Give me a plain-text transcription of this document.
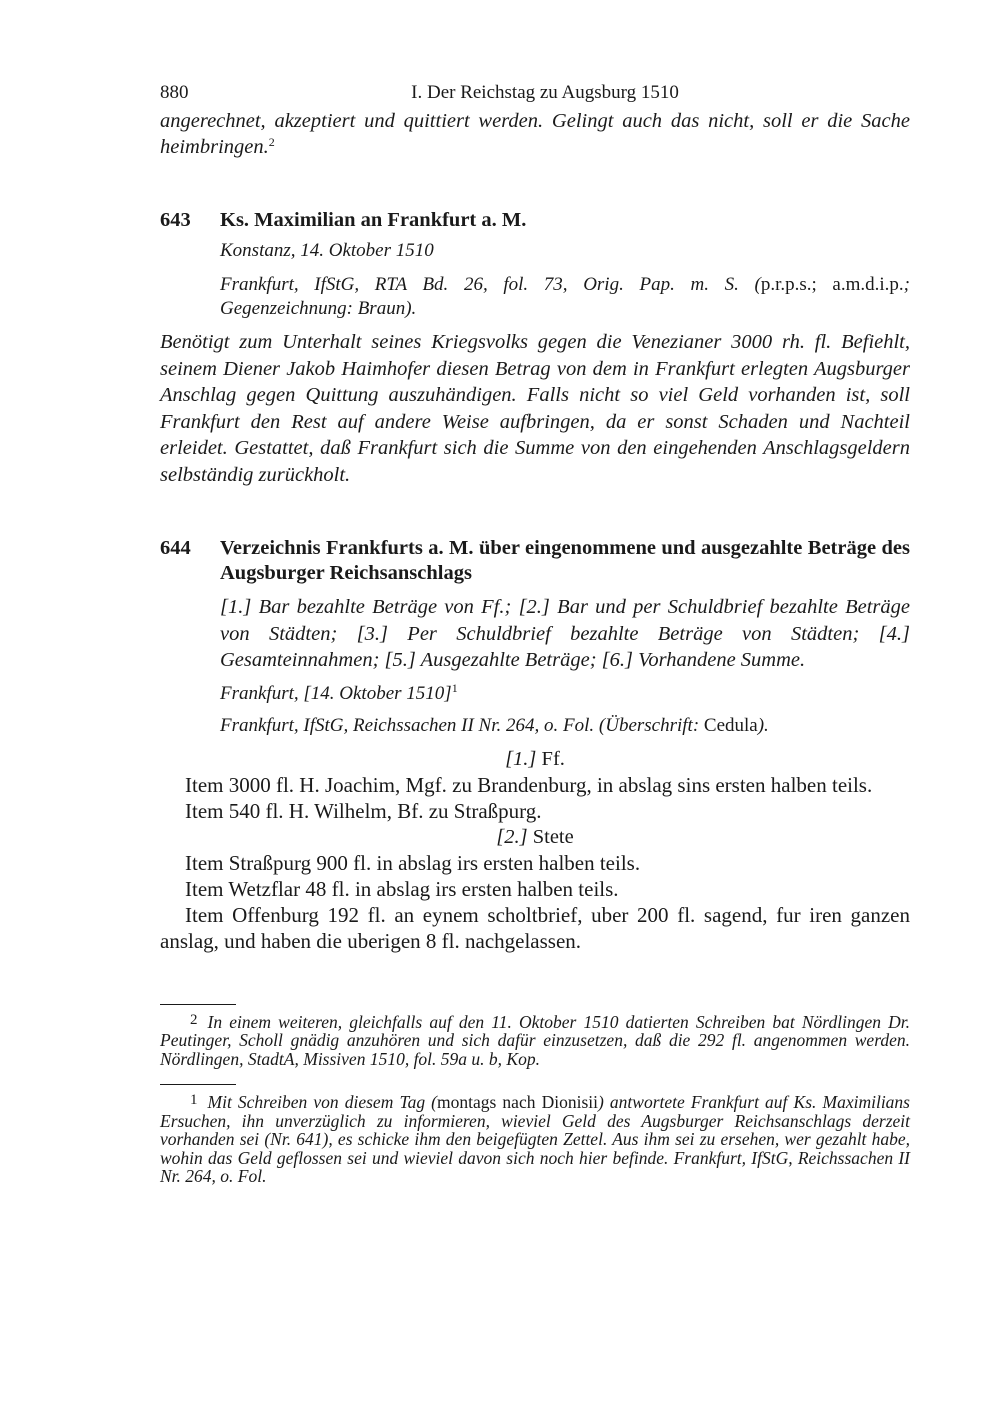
880	I. Der Reichstag zu Augsburg 1510

angerechnet, akzeptiert und quittiert werden. Gelingt auch das nicht, soll er die Sache heimbringen.$^2$

643	Ks. Maximilian an Frankfurt a. M.
Konstanz, 14. Oktober 1510
Frankfurt, IfStG, RTA Bd. 26, fol. 73, Orig. Pap. m. S. (p.r.p.s.; a.m.d.i.p.; Gegenzeichnung: Braun).

Benötigt zum Unterhalt seines Kriegsvolks gegen die Venezianer 3000 rh. fl. Befiehlt, seinem Diener Jakob Haimhofer diesen Betrag von dem in Frankfurt erlegten Augsburger Anschlag gegen Quittung auszuhändigen. Falls nicht so viel Geld vorhanden ist, soll Frankfurt den Rest auf andere Weise aufbringen, da er sonst Schaden und Nachteil erleidet. Gestattet, daß Frankfurt sich die Summe von den eingehenden Anschlagsgeldern selbständig zurückholt.

644	Verzeichnis Frankfurts a. M. über eingenommene und ausgezahlte Beträge des Augsburger Reichsanschlags
[1.] Bar bezahlte Beträge von Ff.; [2.] Bar und per Schuldbrief bezahlte Beträge von Städten; [3.] Per Schuldbrief bezahlte Beträge von Städten; [4.] Gesamteinnahmen; [5.] Ausgezahlte Beträge; [6.] Vorhandene Summe.
Frankfurt, [14. Oktober 1510]$^1$
Frankfurt, IfStG, Reichssachen II Nr. 264, o. Fol. (Überschrift: Cedula).
[1.] Ff.

Item 3000 fl. H. Joachim, Mgf. zu Brandenburg, in abslag sins ersten halben teils.

Item 540 fl. H. Wilhelm, Bf. zu Straßpurg.

[2.] Stete

Item Straßpurg 900 fl. in abslag irs ersten halben teils.

Item Wetzflar 48 fl. in abslag irs ersten halben teils.

Item Offenburg 192 fl. an eynem scholtbrief, uber 200 fl. sagend, fur iren ganzen anslag, und haben die uberigen 8 fl. nachgelassen.

2 In einem weiteren, gleichfalls auf den 11. Oktober 1510 datierten Schreiben bat Nördlingen Dr. Peutinger, Scholl gnädig anzuhören und sich dafür einzusetzen, daß die 292 fl. angenommen werden. Nördlingen, StadtA, Missiven 1510, fol. 59a u. b, Kop.

1 Mit Schreiben von diesem Tag (montags nach Dionisii) antwortete Frankfurt auf Ks. Maximilians Ersuchen, ihn unverzüglich zu informieren, wieviel Geld des Augsburger Reichsanschlags derzeit vorhanden sei (Nr. 641), es schicke ihm den beigefügten Zettel. Aus ihm sei zu ersehen, wer gezahlt habe, wohin das Geld geflossen sei und wieviel davon sich noch hier befinde. Frankfurt, IfStG, Reichssachen II Nr. 264, o. Fol.
